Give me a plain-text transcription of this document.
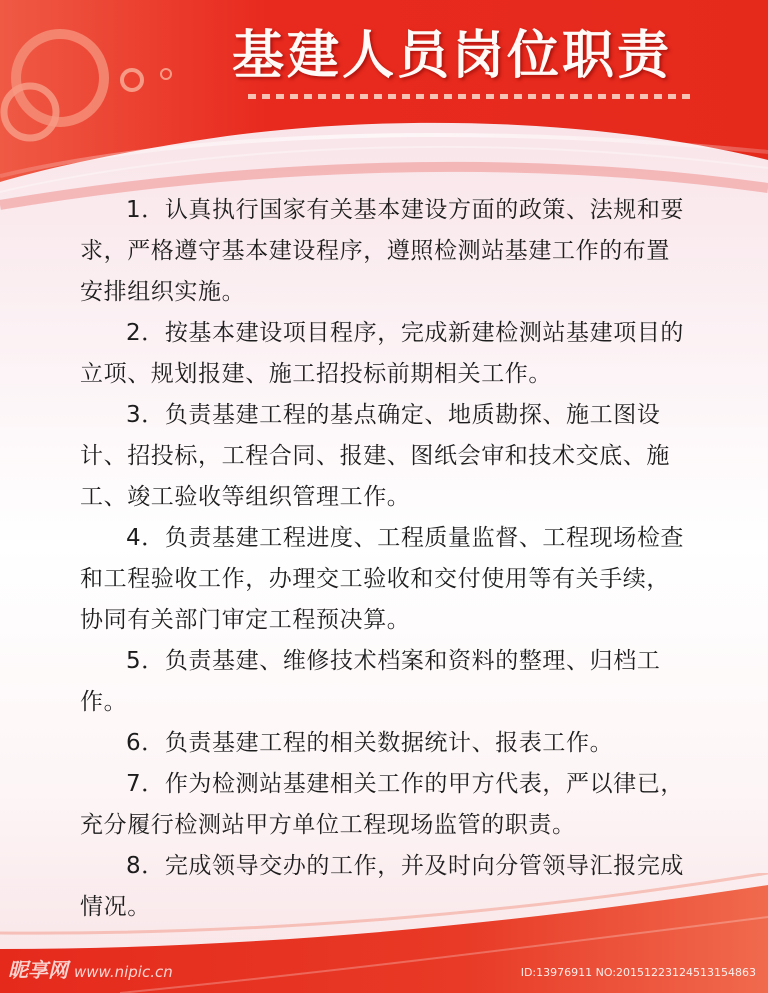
基建人员岗位职责

1．认真执行国家有关基本建设方面的政策、法规和要求，严格遵守基本建设程序，遵照检测站基建工作的布置安排组织实施。

2．按基本建设项目程序，完成新建检测站基建项目的立项、规划报建、施工招投标前期相关工作。

3．负责基建工程的基点确定、地质勘探、施工图设计、招投标，工程合同、报建、图纸会审和技术交底、施工、竣工验收等组织管理工作。

4．负责基建工程进度、工程质量监督、工程现场检查和工程验收工作，办理交工验收和交付使用等有关手续，协同有关部门审定工程预决算。

5．负责基建、维修技术档案和资料的整理、归档工作。

6．负责基建工程的相关数据统计、报表工作。

7．作为检测站基建相关工作的甲方代表，严以律已，充分履行检测站甲方单位工程现场监管的职责。

8．完成领导交办的工作，并及时向分管领导汇报完成情况。

昵享网 www.nipic.cn	ID:13976911 NO:20151223124513154863
